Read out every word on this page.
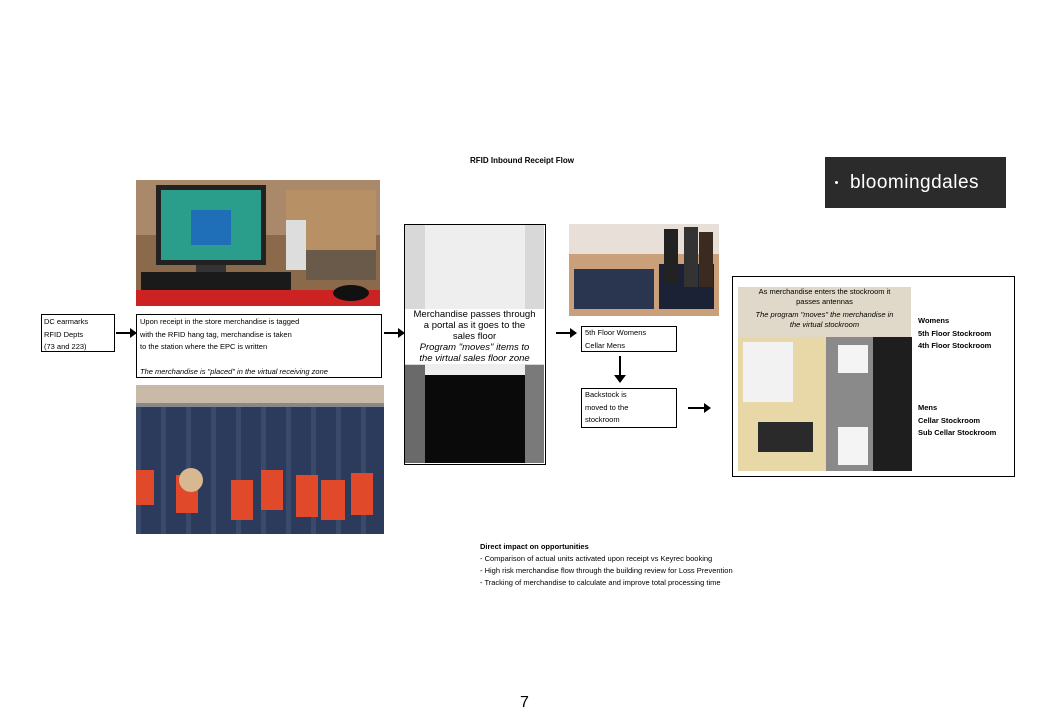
RFID Inbound Receipt Flow
bloomingdales
DC earmarks
RFID Depts
(73 and 223)
Upon receipt in the store merchandise is tagged
with the RFID hang tag, merchandise is taken
to the station where the EPC is written
The merchandise is "placed" in the virtual receiving zone
Merchandise passes through
a portal as it goes to the
sales floor
Program "moves" items to
the virtual sales floor zone
5th Floor Womens
Cellar Mens
Backstock is
moved to the
stockroom
As merchandise enters the stockroom it
passes antennas
The program "moves" the merchandise in
the virtual stockroom	Womens
5th Floor Stockroom
4th Floor Stockroom
Mens
Cellar Stockroom
Sub Cellar Stockroom
Direct impact on opportunities
- Comparison of actual units activated upon receipt vs Keyrec booking
- High risk merchandise flow through the building review for Loss Prevention
- Tracking of merchandise to calculate and improve total processing time
7
